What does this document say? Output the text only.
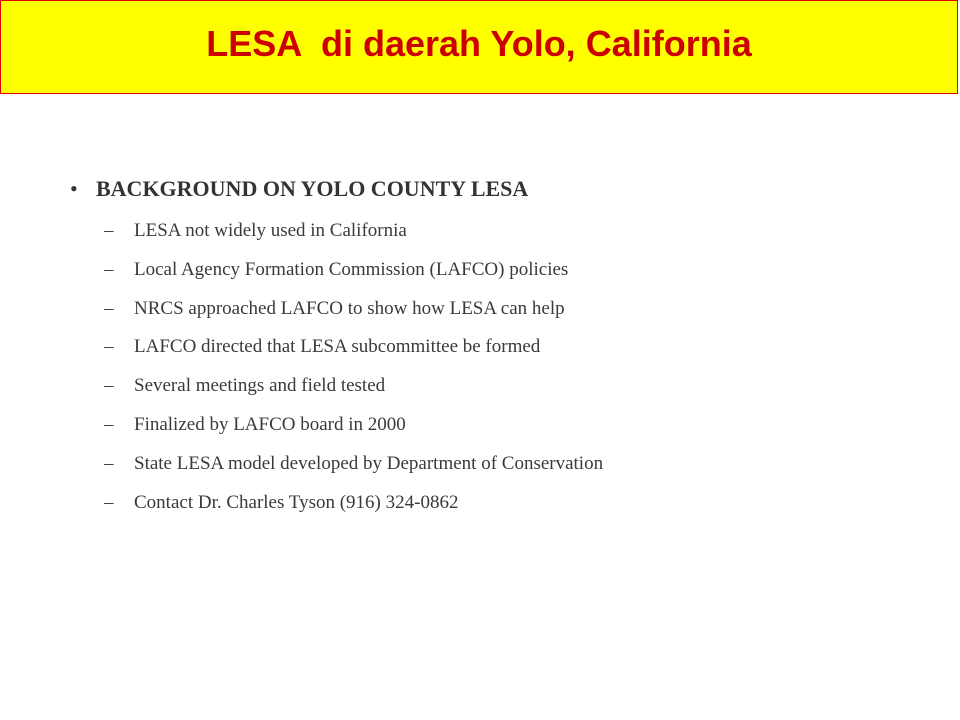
LESA  di daerah Yolo, California
• BACKGROUND ON YOLO COUNTY LESA
–	LESA not widely used in California
–	Local Agency Formation Commission (LAFCO) policies
–	NRCS approached LAFCO to show how LESA can help
–	LAFCO directed that LESA subcommittee be formed
–	Several meetings and field tested
–	Finalized by LAFCO board in 2000
–	State LESA model developed by Department of Conservation
–	Contact Dr. Charles Tyson (916) 324-0862
